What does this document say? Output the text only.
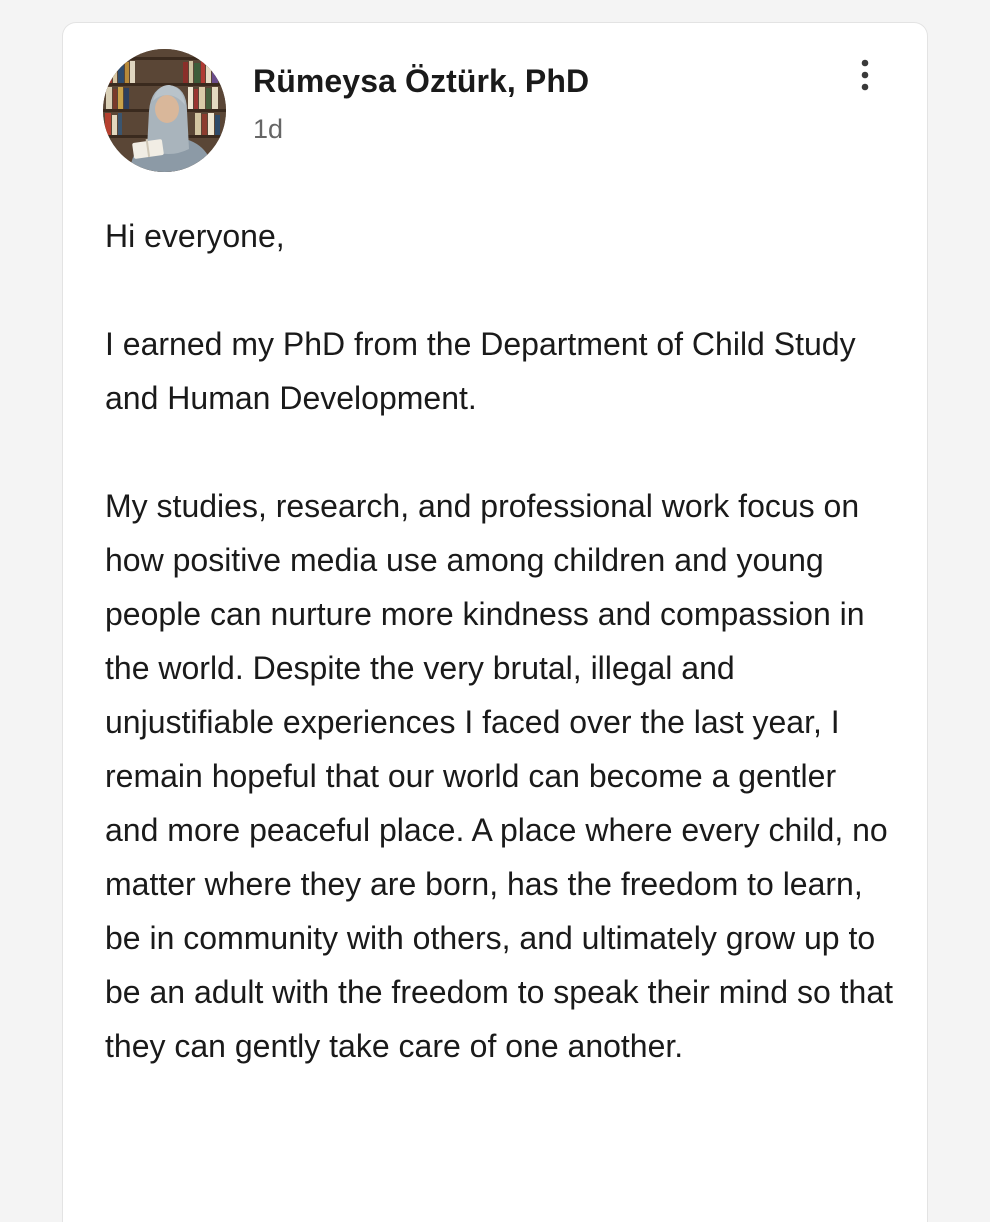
Rümeysa Öztürk, PhD
1d

Hi everyone,

I earned my PhD from the Department of Child Study and Human Development.

My studies, research, and professional work focus on how positive media use among children and young people can nurture more kindness and compassion in the world. Despite the very brutal, illegal and unjustifiable experiences I faced over the last year, I remain hopeful that our world can become a gentler and more peaceful place. A place where every child, no matter where they are born, has the freedom to learn, be in community with others, and ultimately grow up to be an adult with the freedom to speak their mind so that they can gently take care of one another.
